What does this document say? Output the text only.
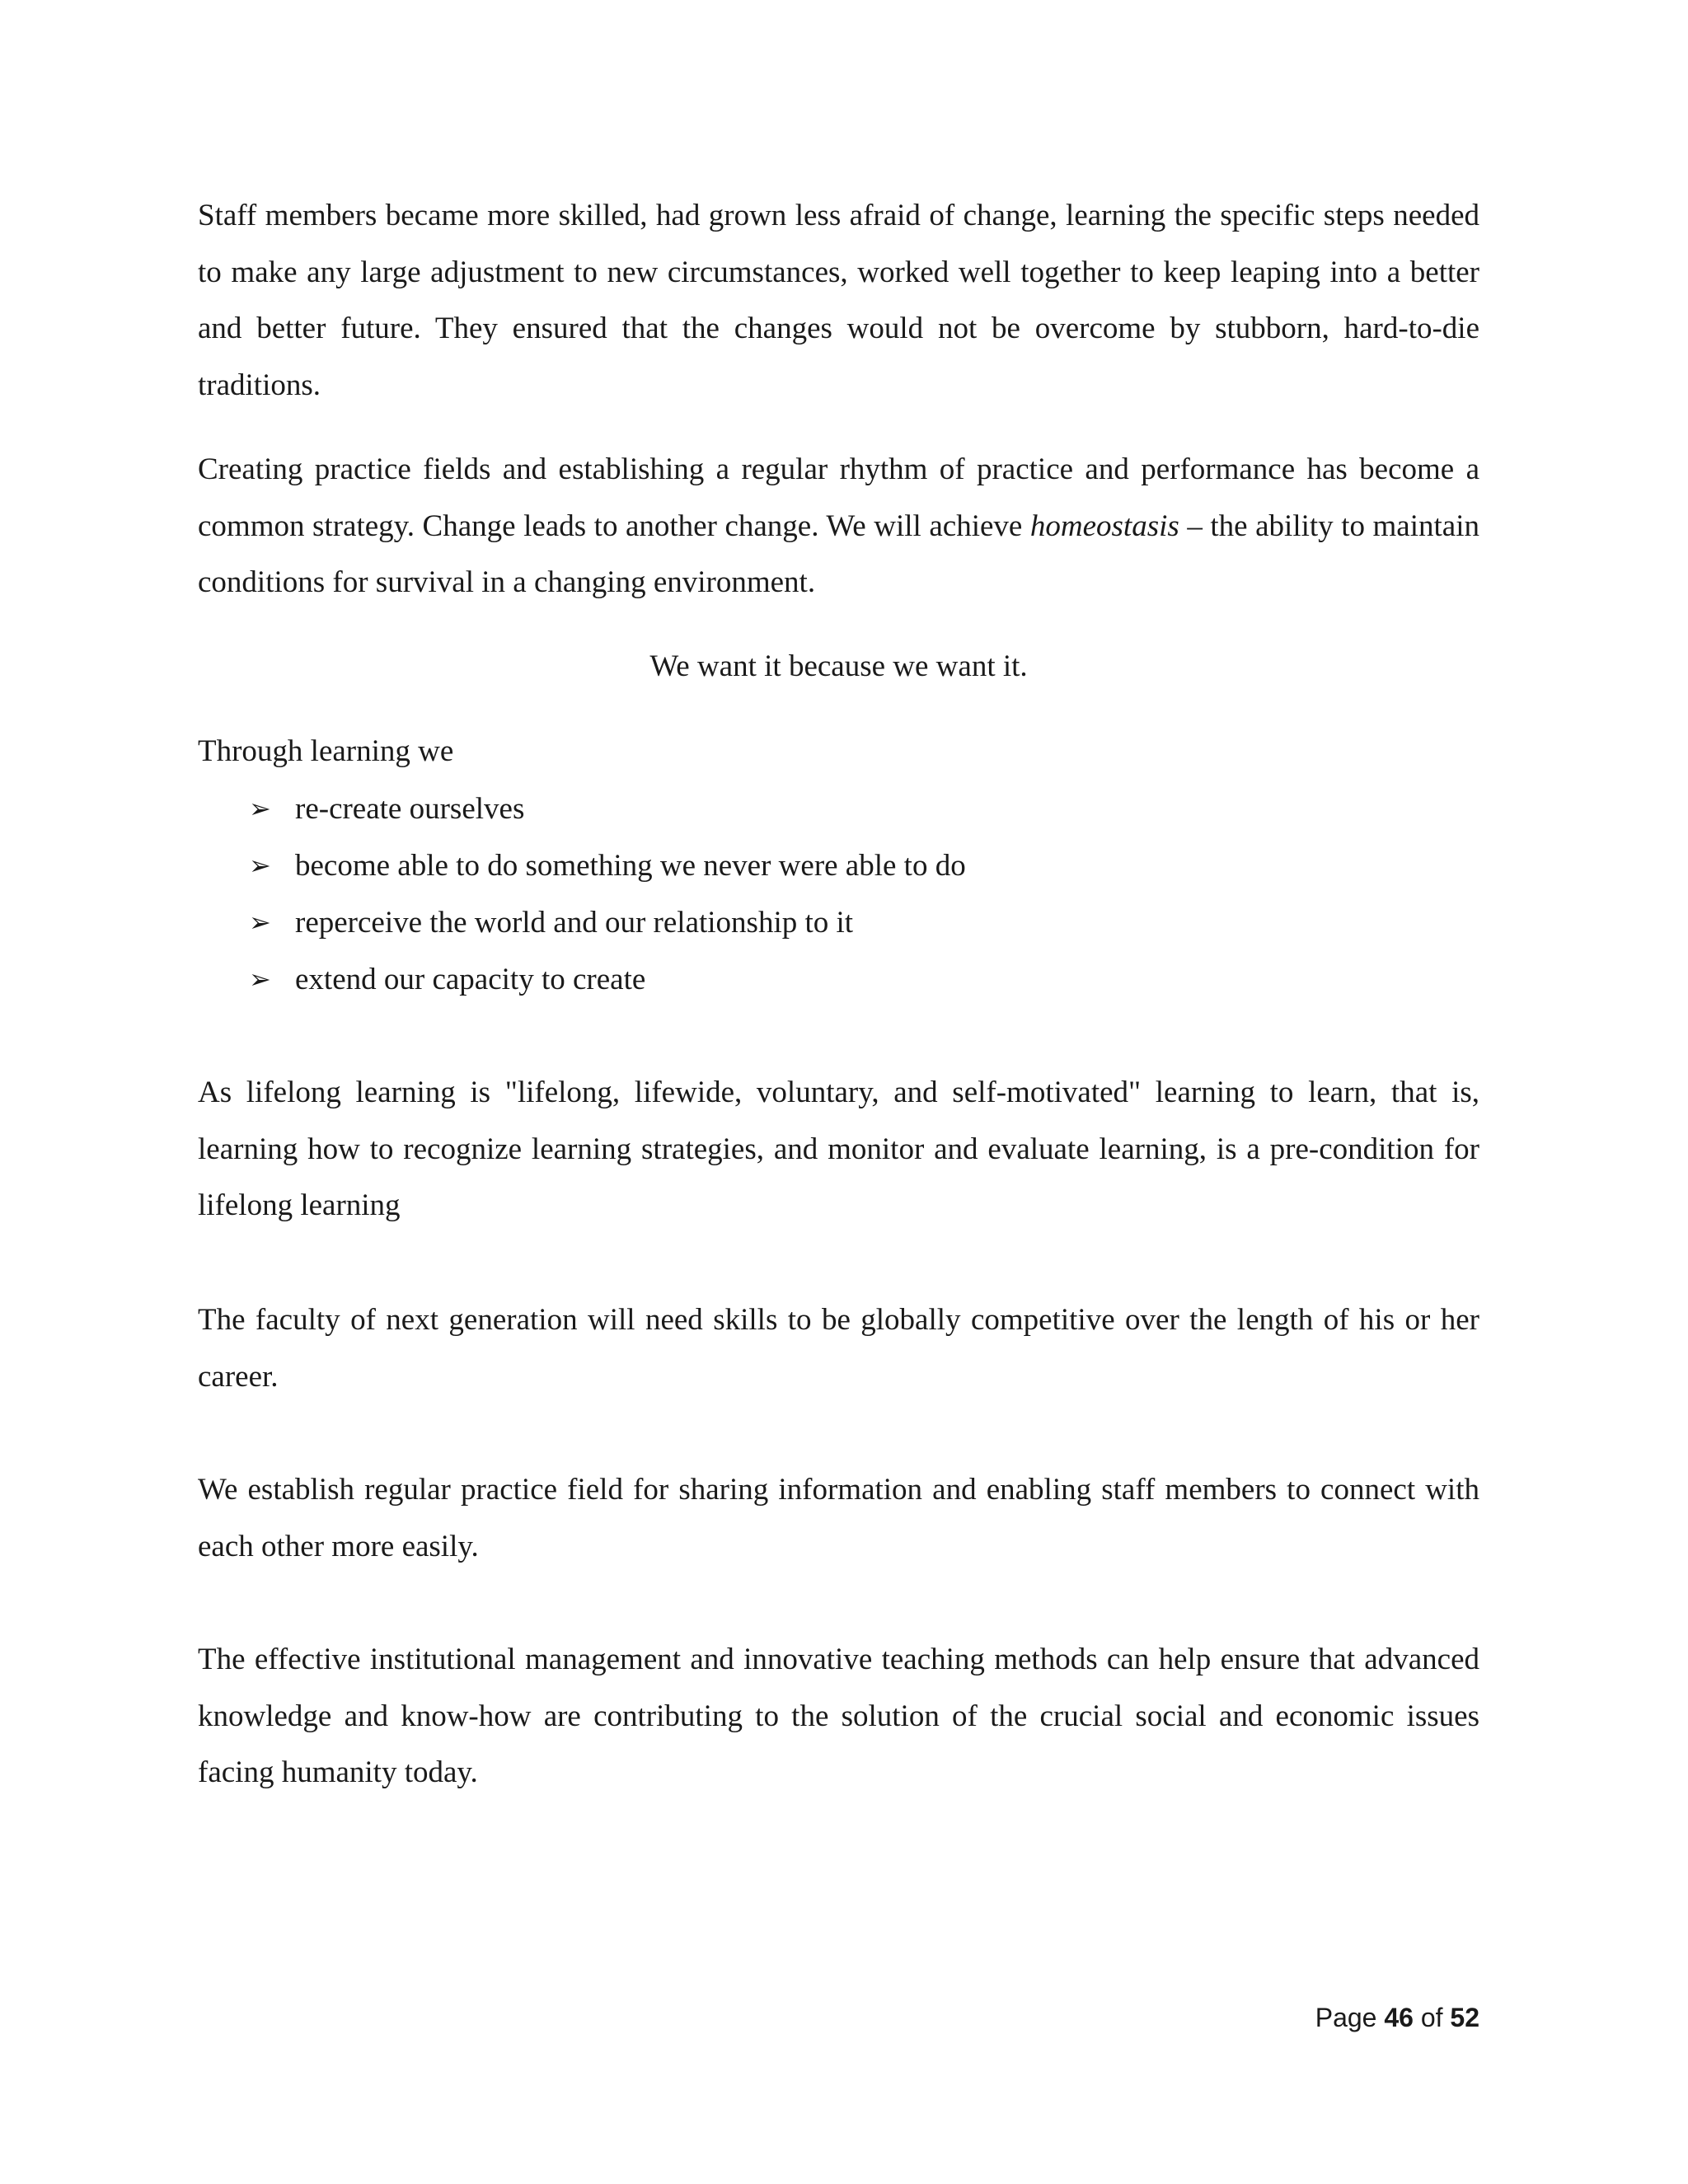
Staff members became more skilled, had grown less afraid of change, learning the specific steps needed to make any large adjustment to new circumstances, worked well together to keep leaping into a better and better future. They ensured that the changes would not be overcome by stubborn, hard-to-die traditions.

Creating practice fields and establishing a regular rhythm of practice and performance has become a common strategy. Change leads to another change. We will achieve homeostasis – the ability to maintain conditions for survival in a changing environment.

We want it because we want it.

Through learning we

➢ re-create ourselves
➢ become able to do something we never were able to do
➢ reperceive the world and our relationship to it
➢ extend our capacity to create

As lifelong learning is "lifelong, lifewide, voluntary, and self-motivated" learning to learn, that is, learning how to recognize learning strategies, and monitor and evaluate learning, is a pre-condition for lifelong learning

The faculty of next generation will need skills to be globally competitive over the length of his or her career.

We establish regular practice field for sharing information and enabling staff members to connect with each other more easily.

The effective institutional management and innovative teaching methods can help ensure that advanced knowledge and know-how are contributing to the solution of the crucial social and economic issues facing humanity today.

Page 46 of 52
